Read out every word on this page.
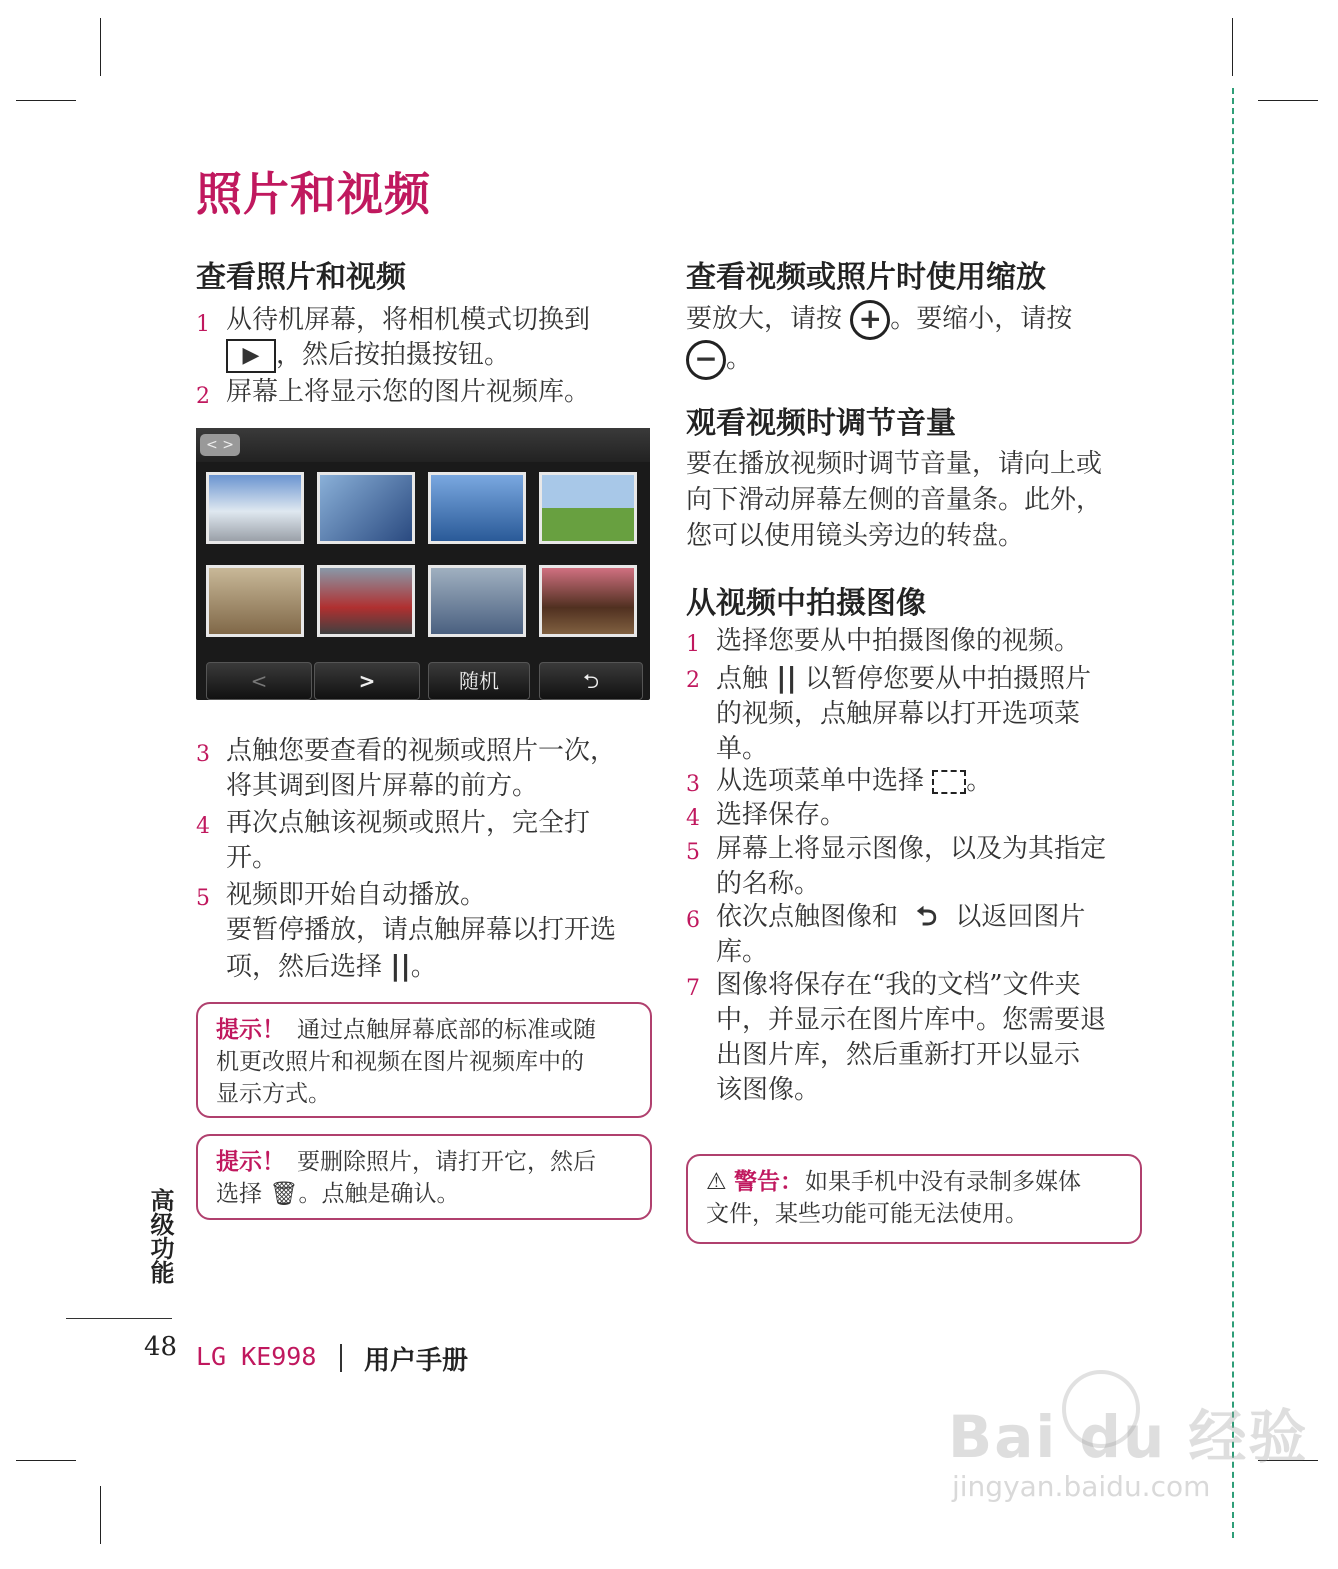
照片和视频
查看照片和视频
1 从待机屏幕，将相机模式切换到
▶ ，然后按拍摄按钮。
2 屏幕上将显示您的图片视频库。
< >
<	>	随机	⮌
3 点触您要查看的视频或照片一次，
将其调到图片屏幕的前方。
4 再次点触该视频或照片，完全打
开。
5 视频即开始自动播放。
要暂停播放，请点触屏幕以打开选
项，然后选择 ||。
提示！ 通过点触屏幕底部的标准或随
机更改照片和视频在图片视频库中的
显示方式。
提示！ 要删除照片，请打开它，然后
选择 🗑。点触是确认。
查看视频或照片时使用缩放
要放大，请按 + 。要缩小，请按
− 。
观看视频时调节音量
要在播放视频时调节音量，请向上或
向下滑动屏幕左侧的音量条。此外，
您可以使用镜头旁边的转盘。
从视频中拍摄图像
1 选择您要从中拍摄图像的视频。
2 点触 || 以暂停您要从中拍摄照片
的视频，点触屏幕以打开选项菜
单。
3 从选项菜单中选择 。
4 选择保存。
5 屏幕上将显示图像，以及为其指定
的名称。
6 依次点触图像和 ⮌ 以返回图片
库。
7 图像将保存在“我的文档”文件夹
中，并显示在图片库中。您需要退
出图片库，然后重新打开以显示
该图像。
⚠ 警告：如果手机中没有录制多媒体
文件，某些功能可能无法使用。
高级功能
48 LG KE998 用户手册
Bai du 经验
jingyan.baidu.com
